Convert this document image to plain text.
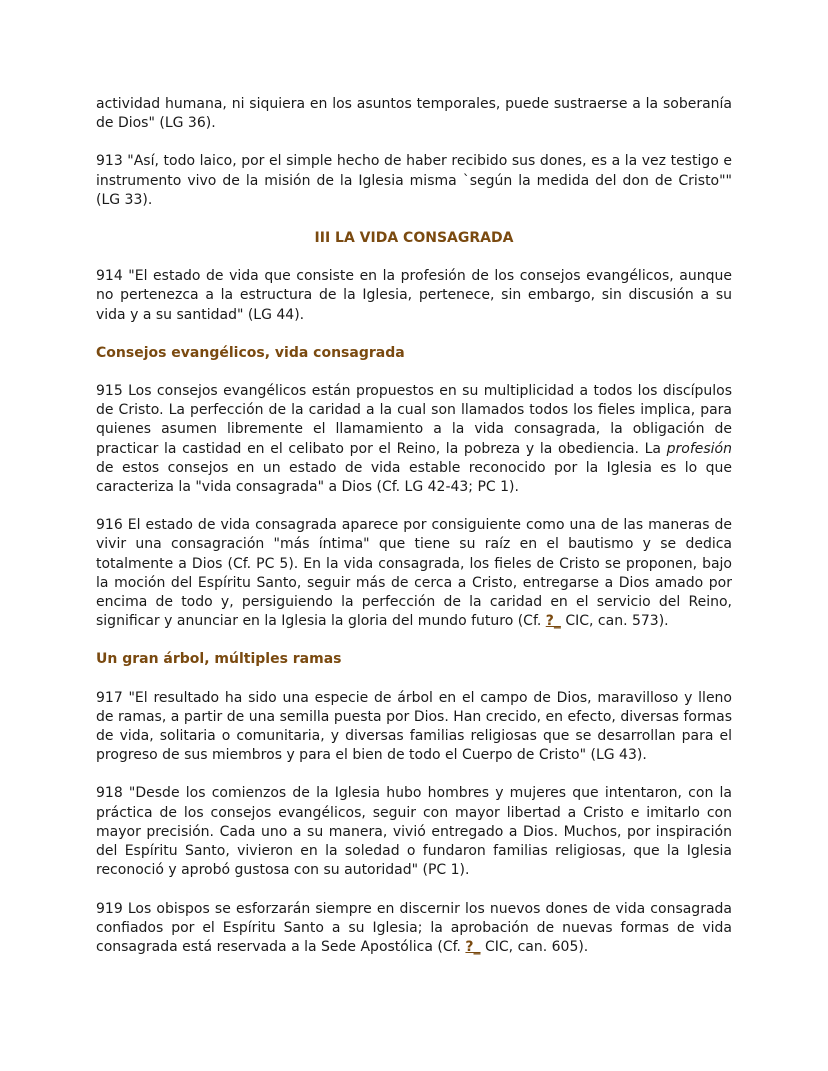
actividad humana, ni siquiera en los asuntos temporales, puede sustraerse a la soberanía de Dios" (LG 36).

913 "Así, todo laico, por el simple hecho de haber recibido sus dones, es a la vez testigo e instrumento vivo de la misión de la Iglesia misma `según la medida del don de Cristo"" (LG 33).

III LA VIDA CONSAGRADA

914 "El estado de vida que consiste en la profesión de los consejos evangélicos, aunque no pertenezca a la estructura de la Iglesia, pertenece, sin embargo, sin discusión a su vida y a su santidad" (LG 44).

Consejos evangélicos, vida consagrada

915 Los consejos evangélicos están propuestos en su multiplicidad a todos los discípulos de Cristo. La perfección de la caridad a la cual son llamados todos los fieles implica, para quienes asumen libremente el llamamiento a la vida consagrada, la obligación de practicar la castidad en el celibato por el Reino, la pobreza y la obediencia. La profesión de estos consejos en un estado de vida estable reconocido por la Iglesia es lo que caracteriza la "vida consagrada" a Dios (Cf. LG 42-43; PC 1).

916 El estado de vida consagrada aparece por consiguiente como una de las maneras de vivir una consagración "más íntima" que tiene su raíz en el bautismo y se dedica totalmente a Dios (Cf. PC 5). En la vida consagrada, los fieles de Cristo se proponen, bajo la moción del Espíritu Santo, seguir más de cerca a Cristo, entregarse a Dios amado por encima de todo y, persiguiendo la perfección de la caridad en el servicio del Reino, significar y anunciar en la Iglesia la gloria del mundo futuro (Cf. ?_ CIC, can. 573).

Un gran árbol, múltiples ramas

917 "El resultado ha sido una especie de árbol en el campo de Dios, maravilloso y lleno de ramas, a partir de una semilla puesta por Dios. Han crecido, en efecto, diversas formas de vida, solitaria o comunitaria, y diversas familias religiosas que se desarrollan para el progreso de sus miembros y para el bien de todo el Cuerpo de Cristo" (LG 43).

918 "Desde los comienzos de la Iglesia hubo hombres y mujeres que intentaron, con la práctica de los consejos evangélicos, seguir con mayor libertad a Cristo e imitarlo con mayor precisión. Cada uno a su manera, vivió entregado a Dios. Muchos, por inspiración del Espíritu Santo, vivieron en la soledad o fundaron familias religiosas, que la Iglesia reconoció y aprobó gustosa con su autoridad" (PC 1).

919 Los obispos se esforzarán siempre en discernir los nuevos dones de vida consagrada confiados por el Espíritu Santo a su Iglesia; la aprobación de nuevas formas de vida consagrada está reservada a la Sede Apostólica (Cf. ?_ CIC, can. 605).
